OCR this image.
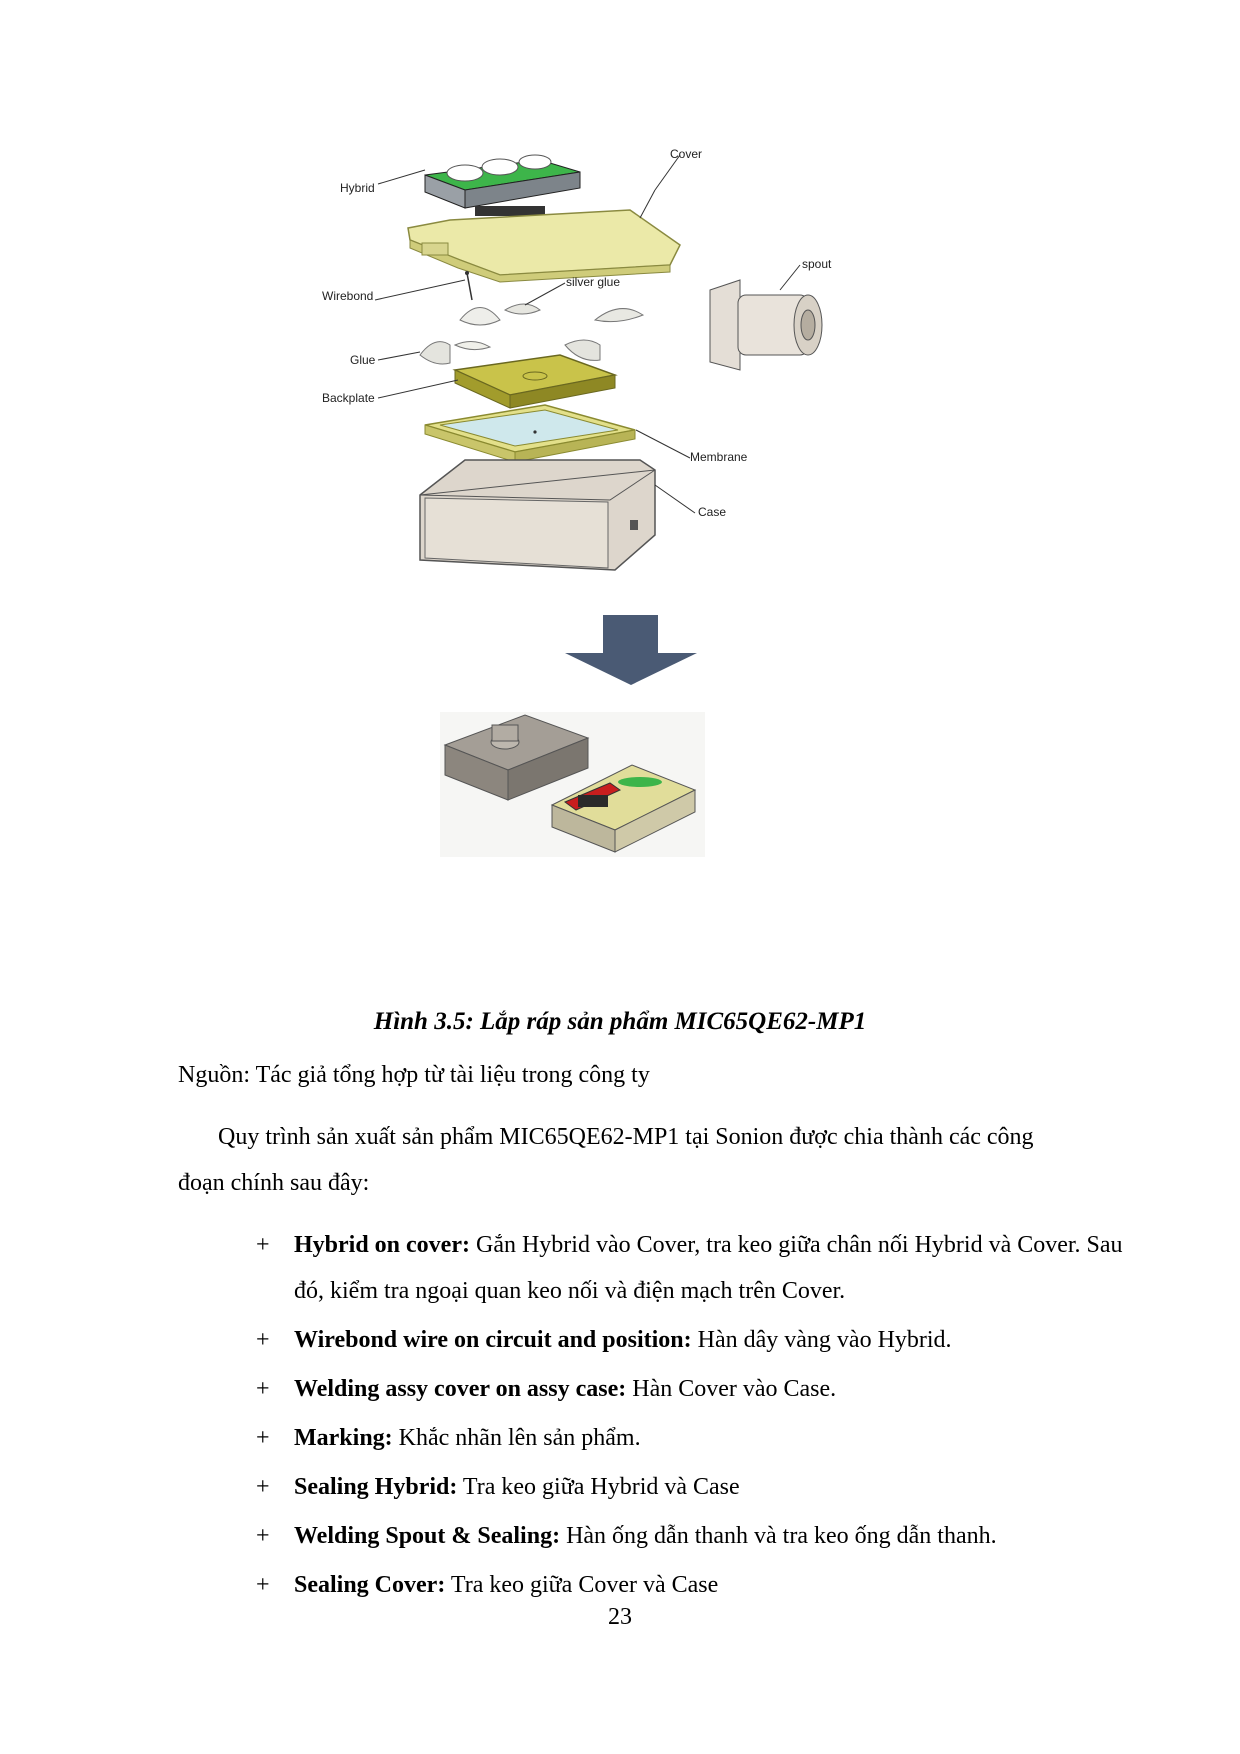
Hybrid
Cover
Wirebond
silver glue
spout
Glue
Backplate
Membrane
Case
Hình 3.5: Lắp ráp sản phẩm MIC65QE62-MP1
Nguồn: Tác giả tổng hợp từ tài liệu trong công ty
Quy trình sản xuất sản phẩm MIC65QE62-MP1 tại Sonion được chia thành các công
đoạn chính sau đây:
+ Hybrid on cover: Gắn Hybrid vào Cover, tra keo giữa chân nối Hybrid và Cover. Sau đó, kiểm tra ngoại quan keo nối và điện mạch trên Cover.
+ Wirebond wire on circuit and position: Hàn dây vàng vào Hybrid.
+ Welding assy cover on assy case: Hàn Cover vào Case.
+ Marking: Khắc nhãn lên sản phẩm.
+ Sealing Hybrid: Tra keo giữa Hybrid và Case
+ Welding Spout & Sealing: Hàn ống dẫn thanh và tra keo ống dẫn thanh.
+ Sealing Cover: Tra keo giữa Cover và Case
23
